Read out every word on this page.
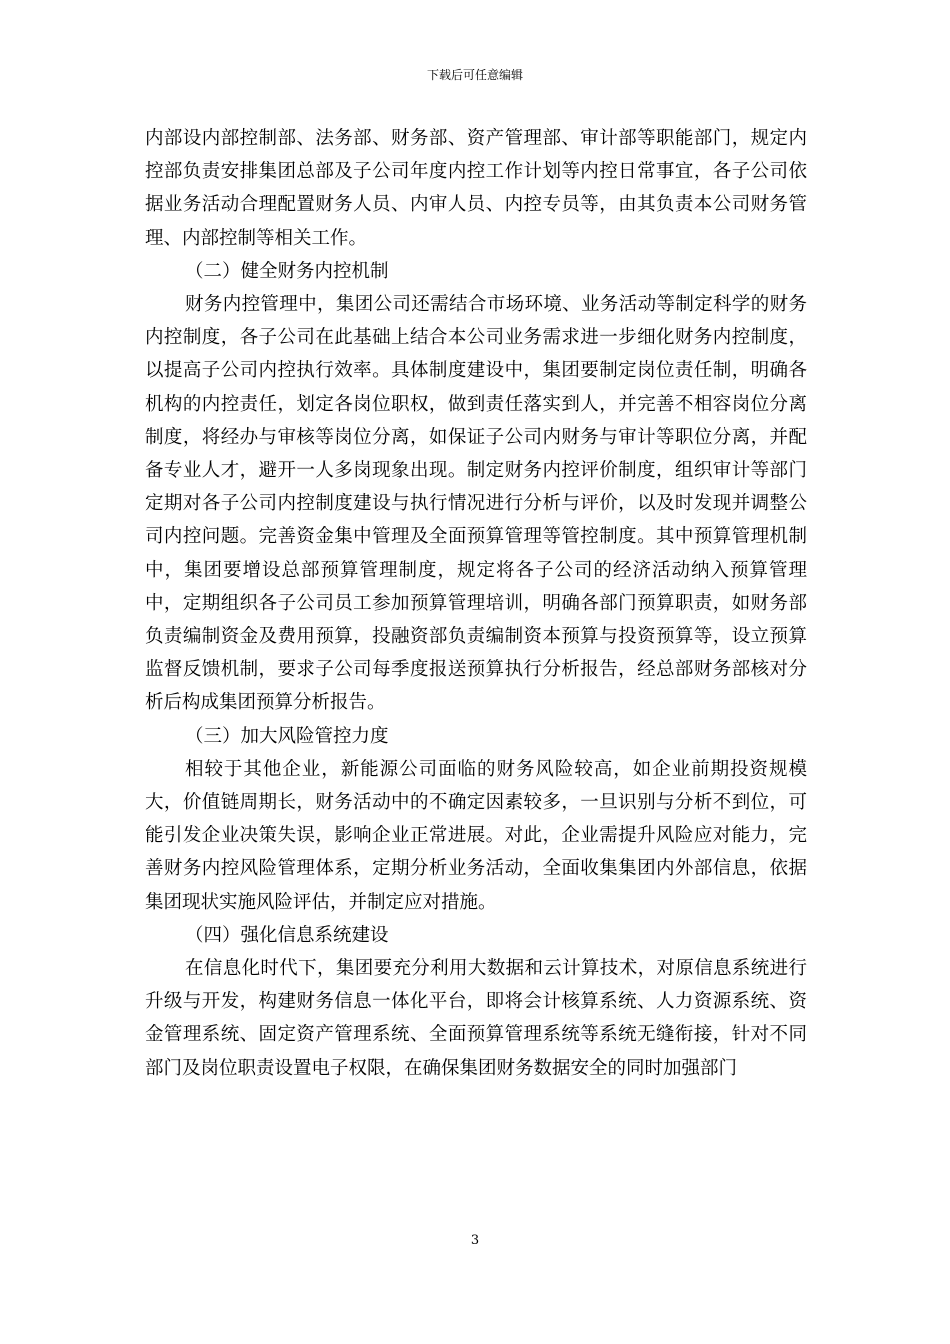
下载后可任意编辑

内部设内部控制部、法务部、财务部、资产管理部、审计部等职能部门，规定内控部负责安排集团总部及子公司年度内控工作计划等内控日常事宜，各子公司依据业务活动合理配置财务人员、内审人员、内控专员等，由其负责本公司财务管理、内部控制等相关工作。

（二）健全财务内控机制

财务内控管理中，集团公司还需结合市场环境、业务活动等制定科学的财务内控制度，各子公司在此基础上结合本公司业务需求进一步细化财务内控制度，以提高子公司内控执行效率。具体制度建设中，集团要制定岗位责任制，明确各机构的内控责任，划定各岗位职权，做到责任落实到人，并完善不相容岗位分离制度，将经办与审核等岗位分离，如保证子公司内财务与审计等职位分离，并配备专业人才，避开一人多岗现象出现。制定财务内控评价制度，组织审计等部门定期对各子公司内控制度建设与执行情况进行分析与评价，以及时发现并调整公司内控问题。完善资金集中管理及全面预算管理等管控制度。其中预算管理机制中，集团要增设总部预算管理制度，规定将各子公司的经济活动纳入预算管理中，定期组织各子公司员工参加预算管理培训，明确各部门预算职责，如财务部负责编制资金及费用预算，投融资部负责编制资本预算与投资预算等，设立预算监督反馈机制，要求子公司每季度报送预算执行分析报告，经总部财务部核对分析后构成集团预算分析报告。

（三）加大风险管控力度

相较于其他企业，新能源公司面临的财务风险较高，如企业前期投资规模大，价值链周期长，财务活动中的不确定因素较多，一旦识别与分析不到位，可能引发企业决策失误，影响企业正常进展。对此，企业需提升风险应对能力，完善财务内控风险管理体系，定期分析业务活动，全面收集集团内外部信息，依据集团现状实施风险评估，并制定应对措施。

（四）强化信息系统建设

在信息化时代下，集团要充分利用大数据和云计算技术，对原信息系统进行升级与开发，构建财务信息一体化平台，即将会计核算系统、人力资源系统、资金管理系统、固定资产管理系统、全面预算管理系统等系统无缝衔接，针对不同部门及岗位职责设置电子权限，在确保集团财务数据安全的同时加强部门

3
